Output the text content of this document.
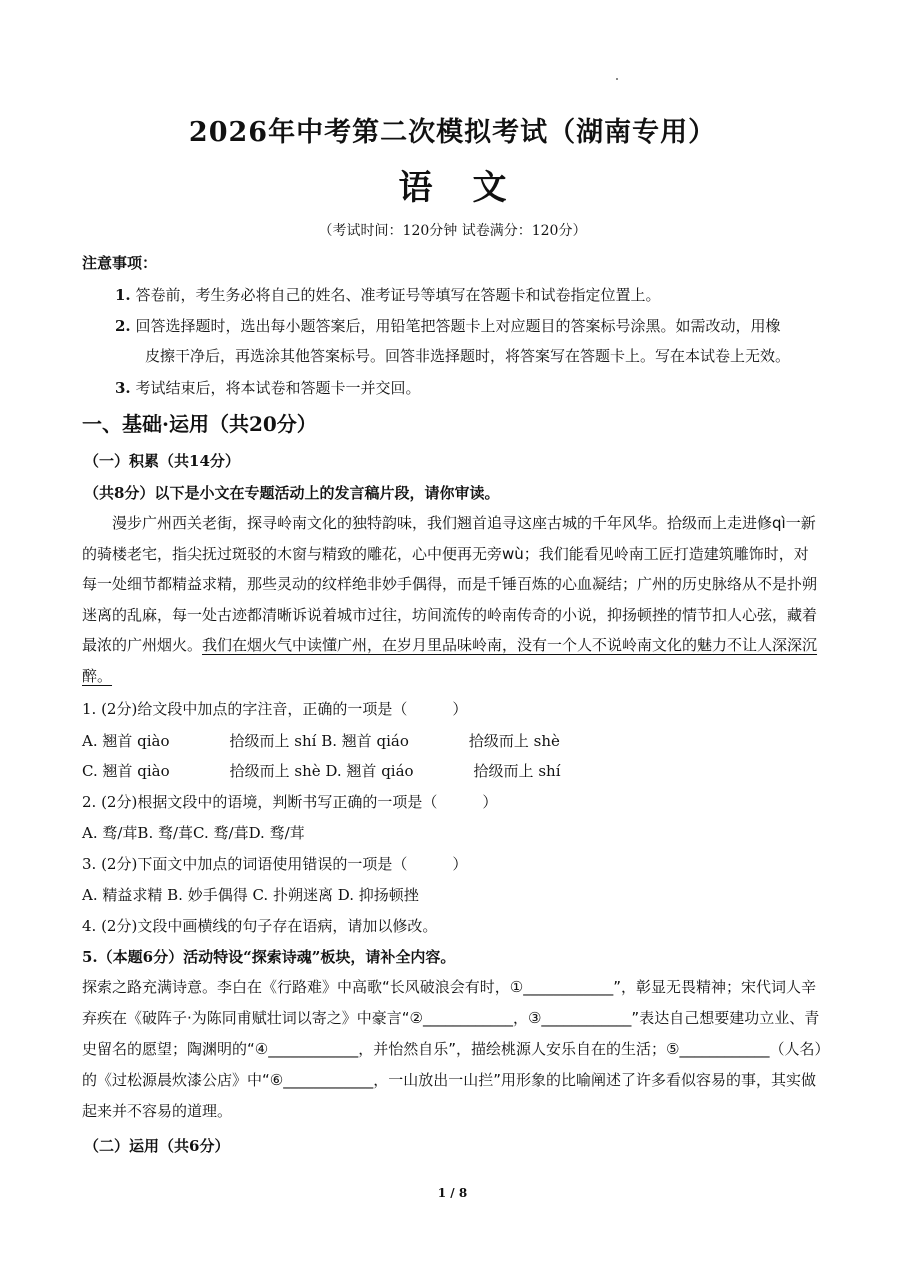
2026年中考第二次模拟考试（湖南专用）
语文
（考试时间：120分钟 试卷满分：120分）
注意事项：
1. 答卷前，考生务必将自己的姓名、准考证号等填写在答题卡和试卷指定位置上。
2. 回答选择题时，选出每小题答案后，用铅笔把答题卡上对应题目的答案标号涂黑。如需改动，用橡
皮擦干净后，再选涂其他答案标号。回答非选择题时，将答案写在答题卡上。写在本试卷上无效。
3. 考试结束后，将本试卷和答题卡一并交回。
一、基础·运用（共20分）
（一）积累（共14分）
（共8分）以下是小文在专题活动上的发言稿片段，请你审读。
漫步广州西关老街，探寻岭南文化的独特韵味，我们翘首追寻这座古城的千年风华。拾级而上走进修qì一新的骑楼老宅，指尖抚过斑驳的木窗与精致的雕花，心中便再无旁wù；我们能看见岭南工匠打造建筑雕饰时，对每一处细节都精益求精，那些灵动的纹样绝非妙手偶得，而是千锤百炼的心血凝结；广州的历史脉络从不是扑朔迷离的乱麻，每一处古迹都清晰诉说着城市过往，坊间流传的岭南传奇的小说，抑扬顿挫的情节扣人心弦，藏着最浓的广州烟火。我们在烟火气中读懂广州，在岁月里品味岭南，没有一个人不说岭南文化的魅力不让人深深沉醉。
1. (2分)给文段中加点的字注音，正确的一项是（　　　）
A. 翘首 qiào　　　　拾级而上 shí B. 翘首 qiáo　　　　拾级而上 shè
C. 翘首 qiào　　　　拾级而上 shè D. 翘首 qiáo　　　　拾级而上 shí
2. (2分)根据文段中的语境，判断书写正确的一项是（　　　）
A. 骛/茸B. 骛/葺C. 骛/葺D. 骛/茸
3. (2分)下面文中加点的词语使用错误的一项是（　　　）
A. 精益求精 B. 妙手偶得 C. 扑朔迷离 D. 抑扬顿挫
4. (2分)文段中画横线的句子存在语病，请加以修改。
5.（本题6分）活动特设“探索诗魂”板块，请补全内容。
探索之路充满诗意。李白在《行路难》中高歌“长风破浪会有时，①____________”，彰显无畏精神；宋代词人辛弃疾在《破阵子·为陈同甫赋壮词以寄之》中豪言“②____________，③____________”表达自己想要建功立业、青史留名的愿望；陶渊明的“④____________，并怡然自乐”，描绘桃源人安乐自在的生活；⑤____________（人名）的《过松源晨炊漆公店》中“⑥____________，一山放出一山拦”用形象的比喻阐述了许多看似容易的事，其实做起来并不容易的道理。
（二）运用（共6分）
1 / 8
